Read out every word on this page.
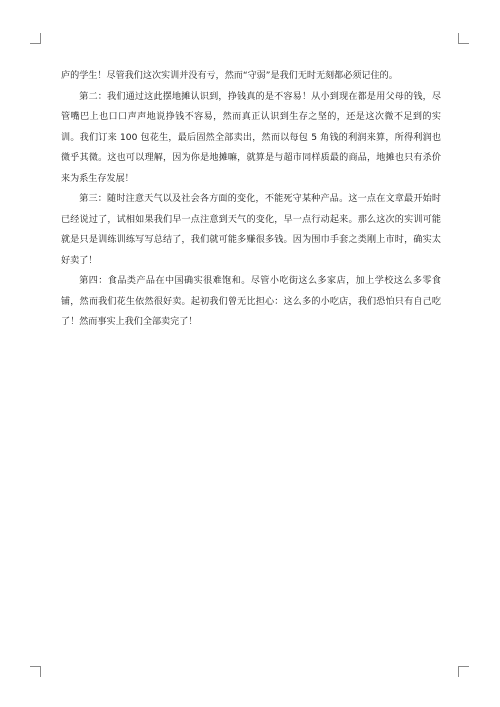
庐的学生！尽管我们这次实训并没有亏，然而“守弱”是我们无时无刻都必须记住的。

第二：我们通过这此摆地摊认识到，挣钱真的是不容易！从小到现在都是用父母的钱，尽管嘴巴上也口口声声地说挣钱不容易，然而真正认识到生存之坚的，还是这次微不足到的实训。我们订来 100 包花生，最后固然全部卖出，然而以每包 5 角钱的利润来算，所得利润也微乎其微。这也可以理解，因为你是地摊嘛，就算是与超市同样质最的商品，地摊也只有杀价来为系生存发展！

第三：随时注意天气以及社会各方面的变化，不能死守某种产品。这一点在文章最开始时已经说过了，试相如果我们早一点注意到天气的变化，早一点行动起来。那么这次的实训可能就是只是训练训练写写总结了，我们就可能多赚很多钱。因为围巾手套之类刚上市时，确实太好卖了！

第四：食品类产品在中国确实很难饱和。尽管小吃街这么多家店，加上学校这么多零食铺，然而我们花生依然很好卖。起初我们曾无比担心：这么多的小吃店，我们恐怕只有自己吃了！然而事实上我们全部卖完了！
